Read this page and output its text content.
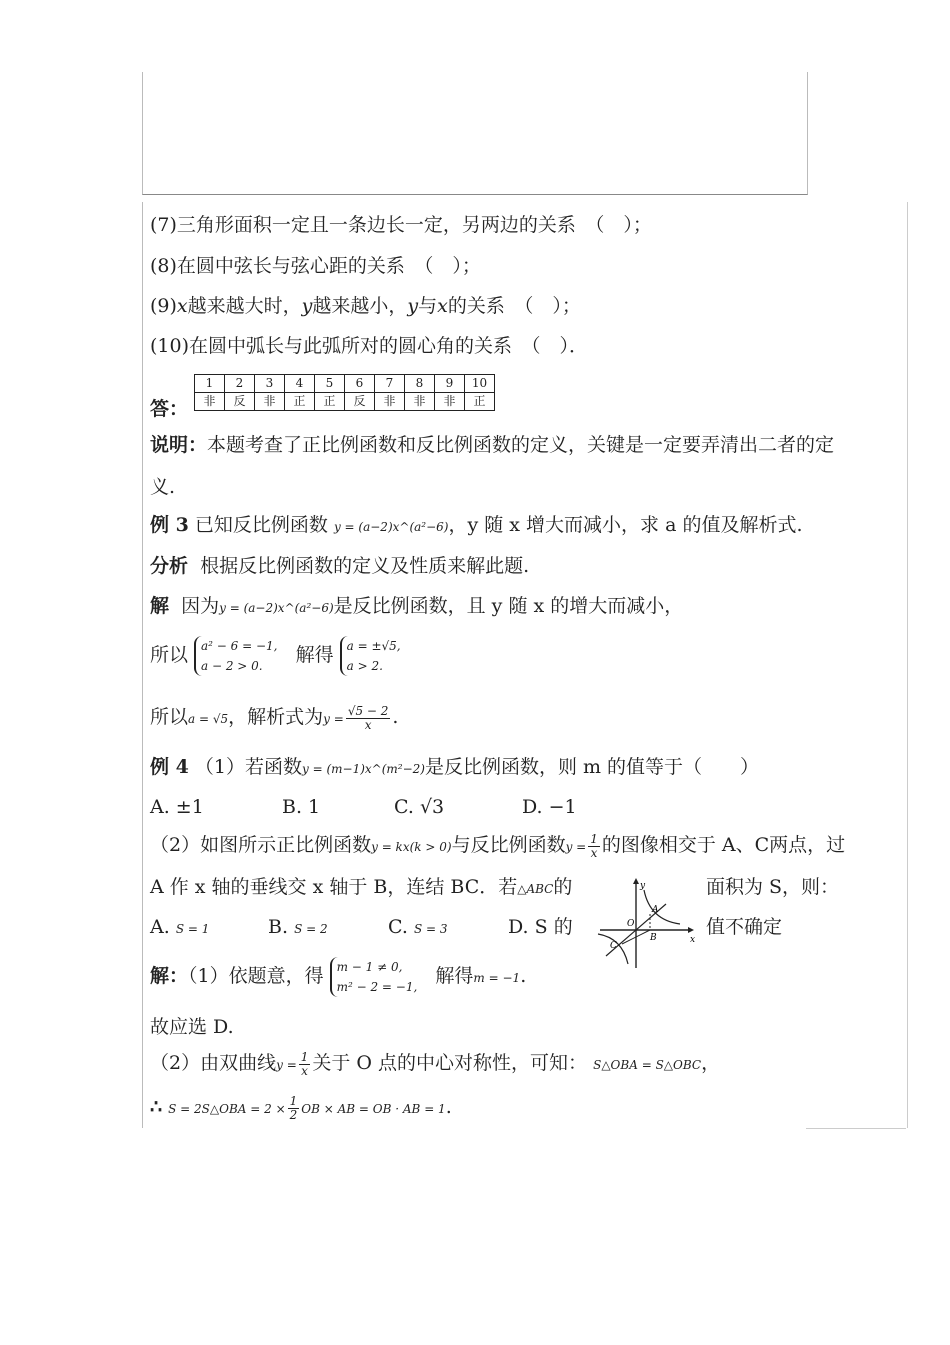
(7)三角形面积一定且一条边长一定，另两边的关系　（　）；
(8)在圆中弦长与弦心距的关系　（　）；
(9)x越来越大时，y越来越小，y与x的关系　（　）；
(10)在圆中弧长与此弧所对的圆心角的关系　（　）．
答：
1	2	3	4	5	6	7	8	9	10
非	反	非	正	正	反	非	非	非	正
说明：本题考查了正比例函数和反比例函数的定义，关键是一定要弄清出二者的定
义.
例 3 已知反比例函数 y = (a−2)x^(a²−6)，y 随 x 增大而减小，求 a 的值及解析式.
分析 根据反比例函数的定义及性质来解此题.
解 因为y = (a−2)x^(a²−6)是反比例函数，且 y 随 x 的增大而减小，
所以 a² − 6 = −1,
a − 2 > 0.	解得 a = ±√5,
a > 2.
所以a = √5，解析式为$y = \frac{√5 - 2}{x}$ .
例 4 （1）若函数y = (m−1)x^(m²−2)是反比例函数，则 m 的值等于（　　）
A. ±1	B. 1	C. √3	D. −1
（2）如图所示正比例函数y = kx(k > 0)与反比例函数$y = \frac{1}{x}$ 的图像相交于 A、C两点，过
A 作 x 轴的垂线交 x 轴于 B，连结 BC．若△ABC的	面积为 S，则：
A. S = 1	B. S = 2	C. S = 3	D. S 的	值不确定
解：（1）依题意，得 m − 1 ≠ 0,
m² − 2 = −1, 解得m = −1.
故应选 D.
（2）由双曲线$y = \frac{1}{x}$ 关于 O 点的中心对称性，可知： S△OBA = S△OBC，
∴ S = 2S△OBA = $2 \times \frac{1}{2}$ OB × AB = OB · AB = 1.
y
x
A
B
O
C
